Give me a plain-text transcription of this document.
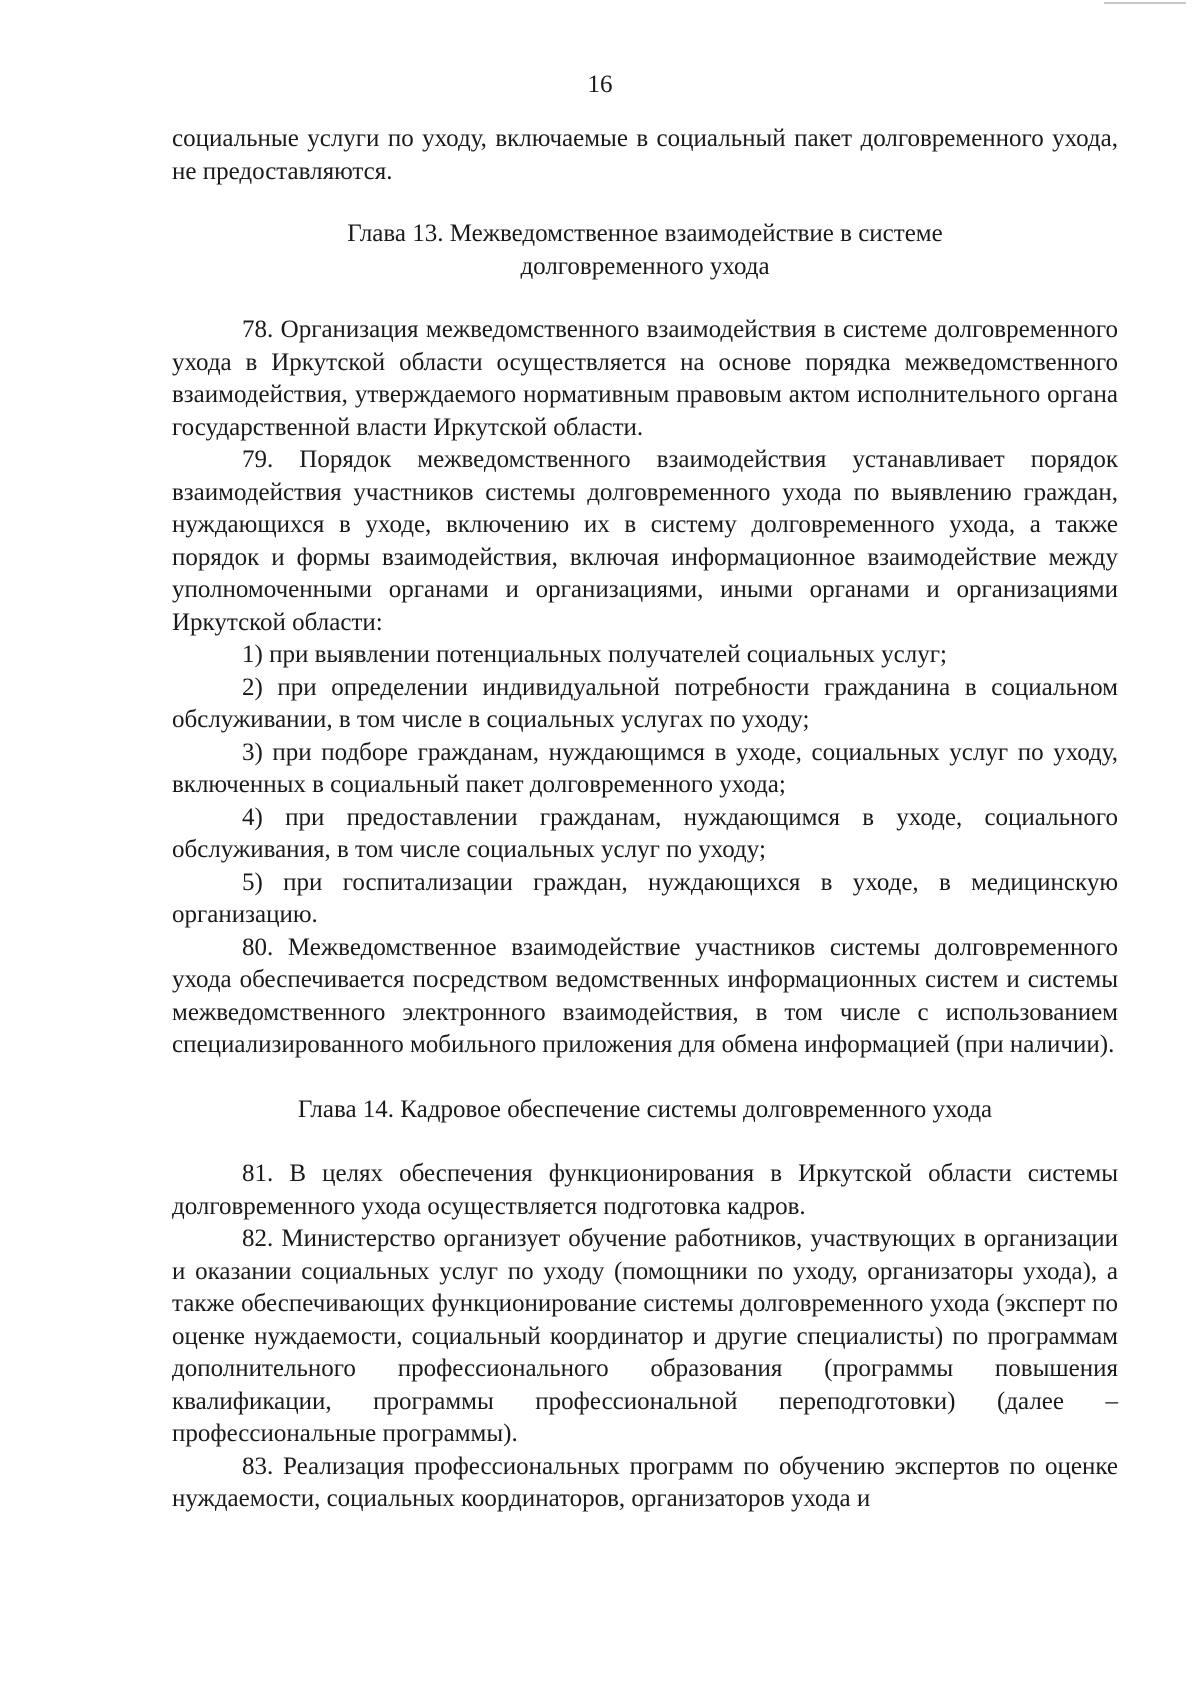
16

социальные услуги по уходу, включаемые в социальный пакет долговременного ухода, не предоставляются.

Глава 13. Межведомственное взаимодействие в системе

долговременного ухода

78. Организация межведомственного взаимодействия в системе долговременного ухода в Иркутской области осуществляется на основе порядка межведомственного взаимодействия, утверждаемого нормативным правовым актом исполнительного органа государственной власти Иркутской области.

79. Порядок межведомственного взаимодействия устанавливает порядок взаимодействия участников системы долговременного ухода по выявлению граждан, нуждающихся в уходе, включению их в систему долговременного ухода, а также порядок и формы взаимодействия, включая информационное взаимодействие между уполномоченными органами и организациями, иными органами и организациями Иркутской области:

1) при выявлении потенциальных получателей социальных услуг;

2) при определении индивидуальной потребности гражданина в социальном обслуживании, в том числе в социальных услугах по уходу;

3) при подборе гражданам, нуждающимся в уходе, социальных услуг по уходу, включенных в социальный пакет долговременного ухода;

4) при предоставлении гражданам, нуждающимся в уходе, социального обслуживания, в том числе социальных услуг по уходу;

5) при госпитализации граждан, нуждающихся в уходе, в медицинскую организацию.

80. Межведомственное взаимодействие участников системы долговременного ухода обеспечивается посредством ведомственных информационных систем и системы межведомственного электронного взаимодействия, в том числе с использованием специализированного мобильного приложения для обмена информацией (при наличии).

Глава 14. Кадровое обеспечение системы долговременного ухода

81. В целях обеспечения функционирования в Иркутской области системы долговременного ухода осуществляется подготовка кадров.

82. Министерство организует обучение работников, участвующих в организации и оказании социальных услуг по уходу (помощники по уходу, организаторы ухода), а также обеспечивающих функционирование системы долговременного ухода (эксперт по оценке нуждаемости, социальный координатор и другие специалисты) по программам дополнительного профессионального образования (программы повышения квалификации, программы профессиональной переподготовки) (далее – профессиональные программы).

83. Реализация профессиональных программ по обучению экспертов по оценке нуждаемости, социальных координаторов, организаторов ухода и
